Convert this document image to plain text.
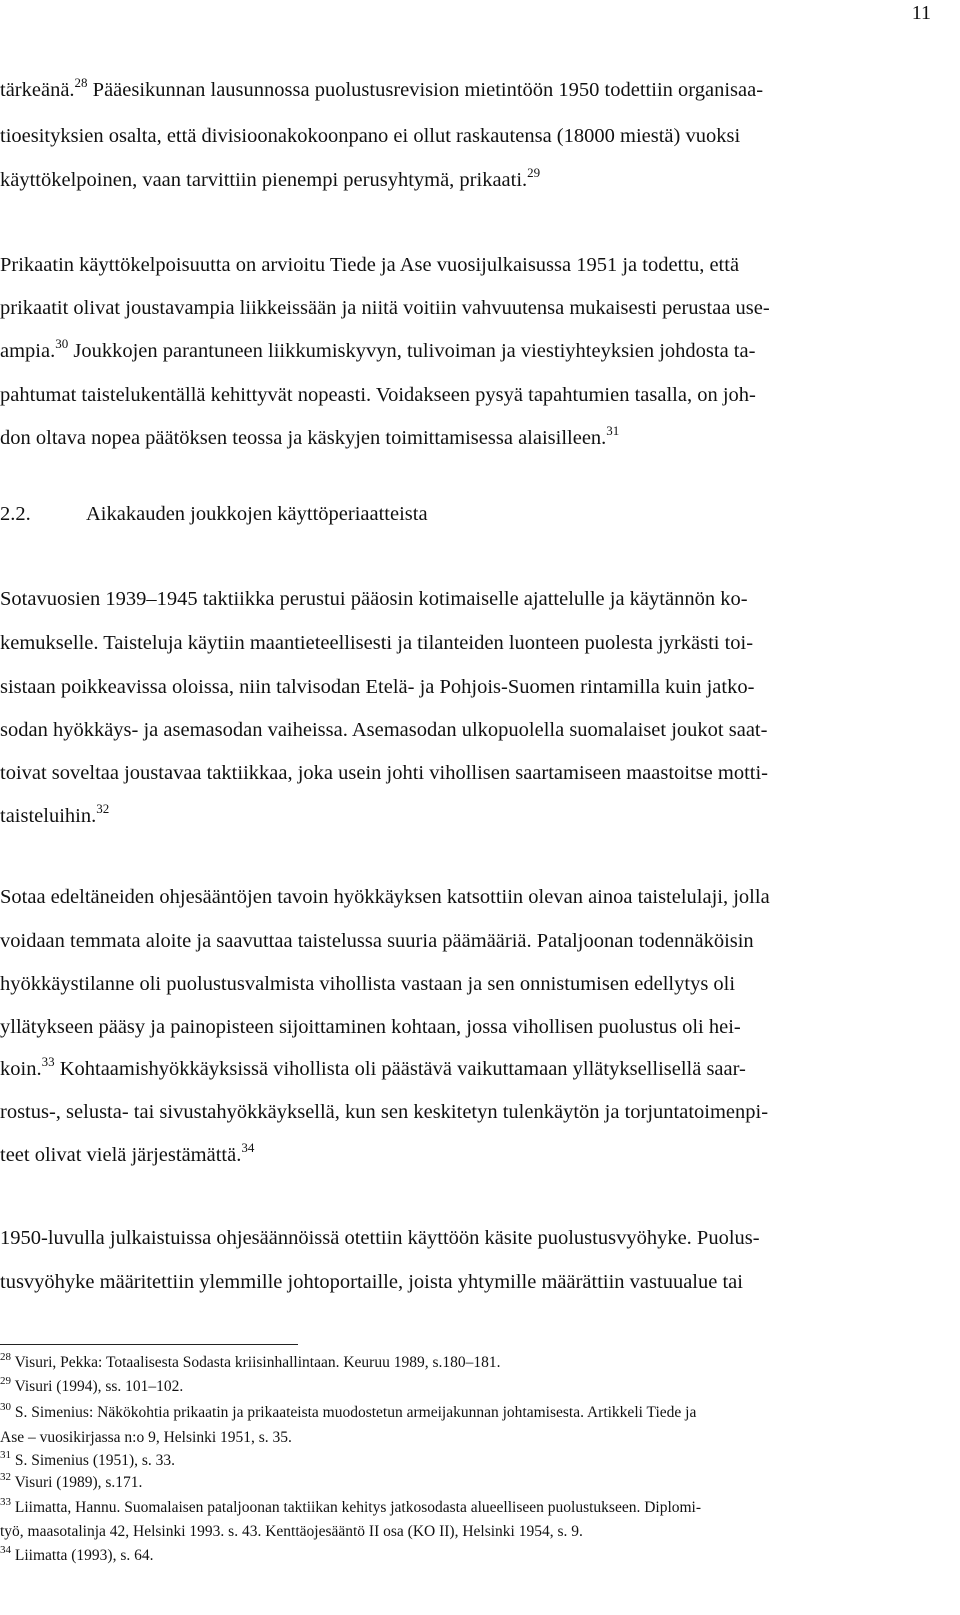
11
tärkeänä.$^{28}$ Pääesikunnan lausunnossa puolustusrevision mietintöön 1950 todettiin organisaa-
tioesityksien osalta, että divisioonakokoonpano ei ollut raskautensa (18000 miestä) vuoksi
käyttökelpoinen, vaan tarvittiin pienempi perusyhtymä, prikaati.$^{29}$
Prikaatin käyttökelpoisuutta on arvioitu Tiede ja Ase vuosijulkaisussa 1951 ja todettu, että
prikaatit olivat joustavampia liikkeissään ja niitä voitiin vahvuutensa mukaisesti perustaa use-
ampia.$^{30}$ Joukkojen parantuneen liikkumiskyvyn, tulivoiman ja viestiyhteyksien johdosta ta-
pahtumat taistelukentällä kehittyvät nopeasti. Voidakseen pysyä tapahtumien tasalla, on joh-
don oltava nopea päätöksen teossa ja käskyjen toimittamisessa alaisilleen.$^{31}$
Sotavuosien 1939–1945 taktiikka perustui pääosin kotimaiselle ajattelulle ja käytännön ko-
kemukselle. Taisteluja käytiin maantieteellisesti ja tilanteiden luonteen puolesta jyrkästi toi-
sistaan poikkeavissa oloissa, niin talvisodan Etelä- ja Pohjois-Suomen rintamilla kuin jatko-
sodan hyökkäys- ja asemasodan vaiheissa. Asemasodan ulkopuolella suomalaiset joukot saat-
toivat soveltaa joustavaa taktiikkaa, joka usein johti vihollisen saartamiseen maastoitse motti-
taisteluihin.$^{32}$
Sotaa edeltäneiden ohjesääntöjen tavoin hyökkäyksen katsottiin olevan ainoa taistelulaji, jolla
voidaan temmata aloite ja saavuttaa taistelussa suuria päämääriä. Pataljoonan todennäköisin
hyökkäystilanne oli puolustusvalmista vihollista vastaan ja sen onnistumisen edellytys oli
yllätykseen pääsy ja painopisteen sijoittaminen kohtaan, jossa vihollisen puolustus oli hei-
koin.$^{33}$ Kohtaamishyökkäyksissä vihollista oli päästävä vaikuttamaan yllätyksellisellä saar-
rostus-, selusta- tai sivustahyökkäyksellä, kun sen keskitetyn tulenkäytön ja torjuntatoimenpi-
teet olivat vielä järjestämättä.$^{34}$
1950-luvulla julkaistuissa ohjesäännöissä otettiin käyttöön käsite puolustusvyöhyke. Puolus-
tusvyöhyke määritettiin ylemmille johtoportaille, joista yhtymille määrättiin vastuualue tai
2.2.	Aikakauden joukkojen käyttöperiaatteista
$^{28}$ Visuri, Pekka: Totaalisesta Sodasta kriisinhallintaan. Keuruu 1989, s.180–181.
$^{29}$ Visuri (1994), ss. 101–102.
$^{30}$ S. Simenius: Näkökohtia prikaatin ja prikaateista muodostetun armeijakunnan johtamisesta. Artikkeli Tiede ja
Ase – vuosikirjassa n:o 9, Helsinki 1951, s. 35.
$^{31}$ S. Simenius (1951), s. 33.
$^{32}$ Visuri (1989), s.171.
$^{33}$ Liimatta, Hannu. Suomalaisen pataljoonan taktiikan kehitys jatkosodasta alueelliseen puolustukseen. Diplomi-
työ, maasotalinja 42, Helsinki 1993. s. 43. Kenttäojesääntö II osa (KO II), Helsinki 1954, s. 9.
$^{34}$ Liimatta (1993), s. 64.
